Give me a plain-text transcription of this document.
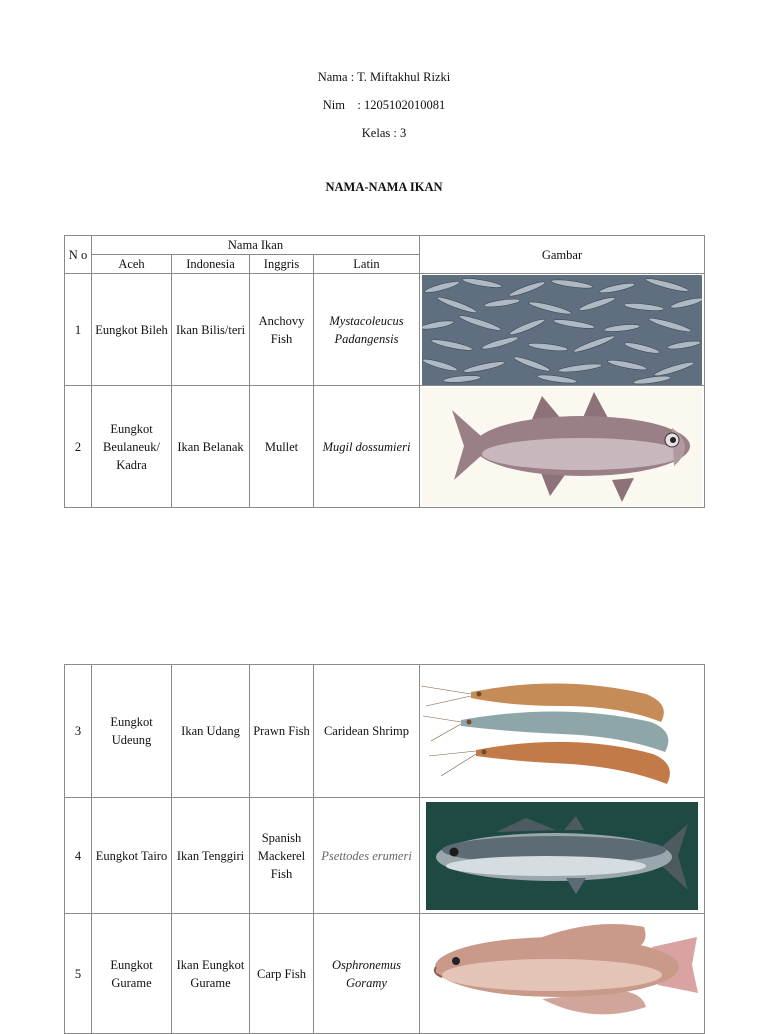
Nama : T. Miftakhul Rizki
Nim    : 1205102010081
Kelas : 3
NAMA-NAMA IKAN
N o	Nama Ikan				Gambar
	Aceh	Indonesia	Inggris	Latin	
1	Eungkot Bileh	Ikan Bilis/teri	Anchovy Fish	Mystacoleucus Padangensis	

2	Eungkot Beulaneuk/ Kadra	Ikan Belanak	Mullet	Mugil dossumieri	
3	Eungkot Udeung	Ikan Udang	Prawn Fish	Caridean Shrimp	

4	Eungkot Tairo	Ikan Tenggiri	Spanish Mackerel Fish	Psettodes erumeri	

5	Eungkot Gurame	Ikan Eungkot Gurame	Carp Fish	Osphronemus Goramy	
